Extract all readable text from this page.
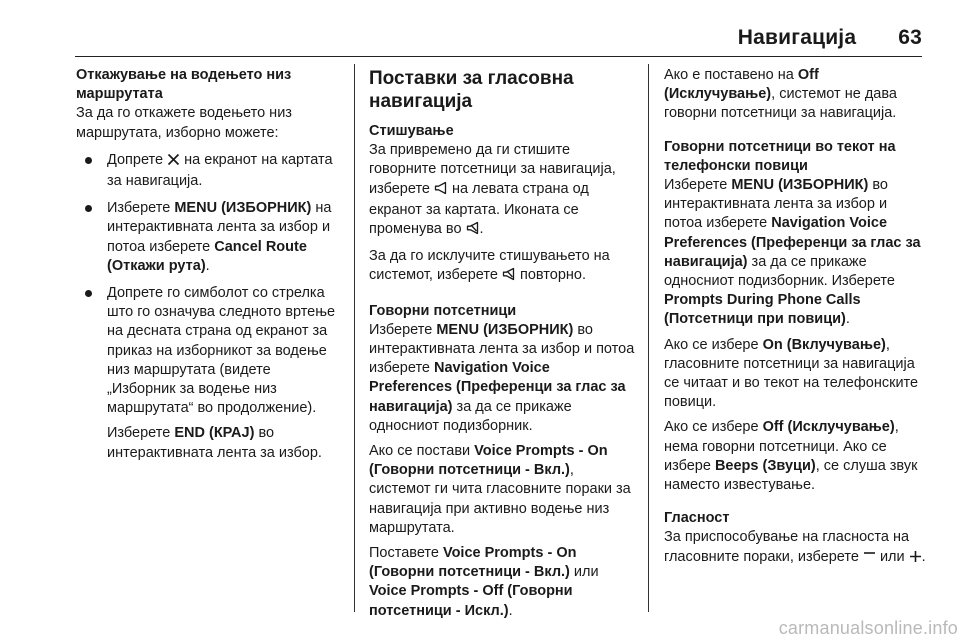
Навигација 63
Откажување на водењето низ маршрутата

За да го откажете водењето низ маршрутата, изборно можете:

Допрете на екранот на картата за навигација.
Изберете MENU (ИЗБОРНИК) на интерактивната лента за избор и потоа изберете Cancel Route (Откажи рута).
Допрете го симболот со стрелка што го означува следното вртење на десната страна од екранот за приказ на изборникот за водење низ маршрутата (видете „Изборник за водење низ маршрутата“ во продолжение).

Изберете END (КРАЈ) во интерактивната лента за избор.

Поставки за гласовна навигација
Стишување

За привремено да ги стишите говорните потсетници за навигација, изберете на левата страна од екранот за картата. Иконата се променува во .

За да го исклучите стишувањето на системот, изберете повторно.

Говорни потсетници

Изберете MENU (ИЗБОРНИК) во интерактивната лента за избор и потоа изберете Navigation Voice Preferences (Преференци за глас за навигација) за да се прикаже односниот подизборник.

Ако се постави Voice Prompts - On (Говорни потсетници - Вкл.), системот ги чита гласовните пораки за навигација при активно водење низ маршрутата.

Поставете Voice Prompts - On (Говорни потсетници - Вкл.) или Voice Prompts - Off (Говорни потсетници - Искл.).

Ако е поставено на Off (Исклучување), системот не дава говорни потсетници за навигација.

Говорни потсетници во текот на телефонски повици

Изберете MENU (ИЗБОРНИК) во интерактивната лента за избор и потоа изберете Navigation Voice Preferences (Преференци за глас за навигација) за да се прикаже односниот подизборник. Изберете Prompts During Phone Calls (Потсетници при повици).

Ако се избере On (Вклучување), гласовните потсетници за навигација се читаат и во текот на телефонските повици.

Ако се избере Off (Исклучување), нема говорни потсетници. Ако се избере Beeps (Звуци), се слуша звук наместо известување.

Гласност

За приспособување на гласноста на гласовните пораки, изберете или .

carmanualsonline.info
